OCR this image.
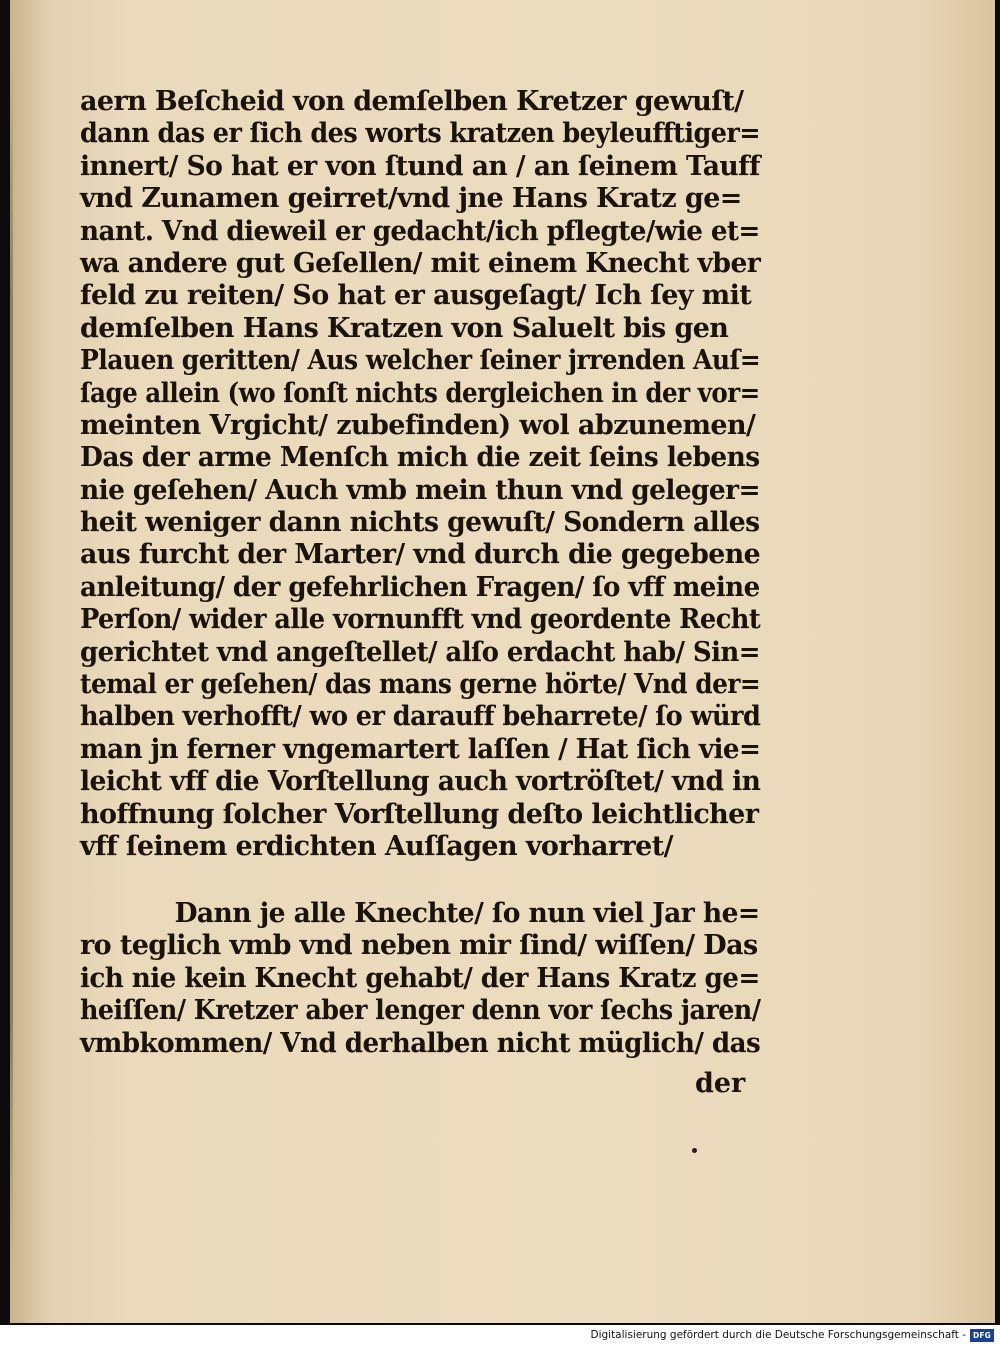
aern Beſcheid von demſelben Kretzer gewuſt/
dann das er ſich des worts kratzen beyleufftiger=
innert/ So hat er von ſtund an / an ſeinem Tauff
vnd Zunamen geirret/vnd jne Hans Kratz ge=
nant. Vnd dieweil er gedacht/ich pflegte/wie et=
wa andere gut Geſellen/ mit einem Knecht vber
feld zu reiten/ So hat er ausgeſagt/ Ich ſey mit
demſelben Hans Kratzen von Saluelt bis gen
Plauen geritten/ Aus welcher ſeiner jrrenden Auſ=
ſage allein (wo ſonſt nichts dergleichen in der vor=
meinten Vrgicht/ zubefinden) wol abzunemen/
Das der arme Menſch mich die zeit ſeins lebens
nie geſehen/ Auch vmb mein thun vnd geleger=
heit weniger dann nichts gewuſt/ Sondern alles
aus furcht der Marter/ vnd durch die gegebene
anleitung/ der gefehrlichen Fragen/ ſo vff meine
Perſon/ wider alle vornunfft vnd geordente Recht
gerichtet vnd angeſtellet/ alſo erdacht hab/ Sin=
temal er geſehen/ das mans gerne hörte/ Vnd der=
halben verhofft/ wo er darauff beharrete/ ſo würd
man jn ferner vngemartert laſſen / Hat ſich vie=
leicht vff die Vorſtellung auch vortröſtet/ vnd in
hoffnung ſolcher Vorſtellung deſto leichtlicher
vff ſeinem erdichten Auſſagen vorharret/
Dann je alle Knechte/ ſo nun viel Jar he=
ro teglich vmb vnd neben mir ſind/ wiſſen/ Das
ich nie kein Knecht gehabt/ der Hans Kratz ge=
heiſſen/ Kretzer aber lenger denn vor ſechs jaren/
vmbkommen/ Vnd derhalben nicht müglich/ das
der
Digitalisierung gefördert durch die Deutsche Forschungsgemeinschaft - DFG
